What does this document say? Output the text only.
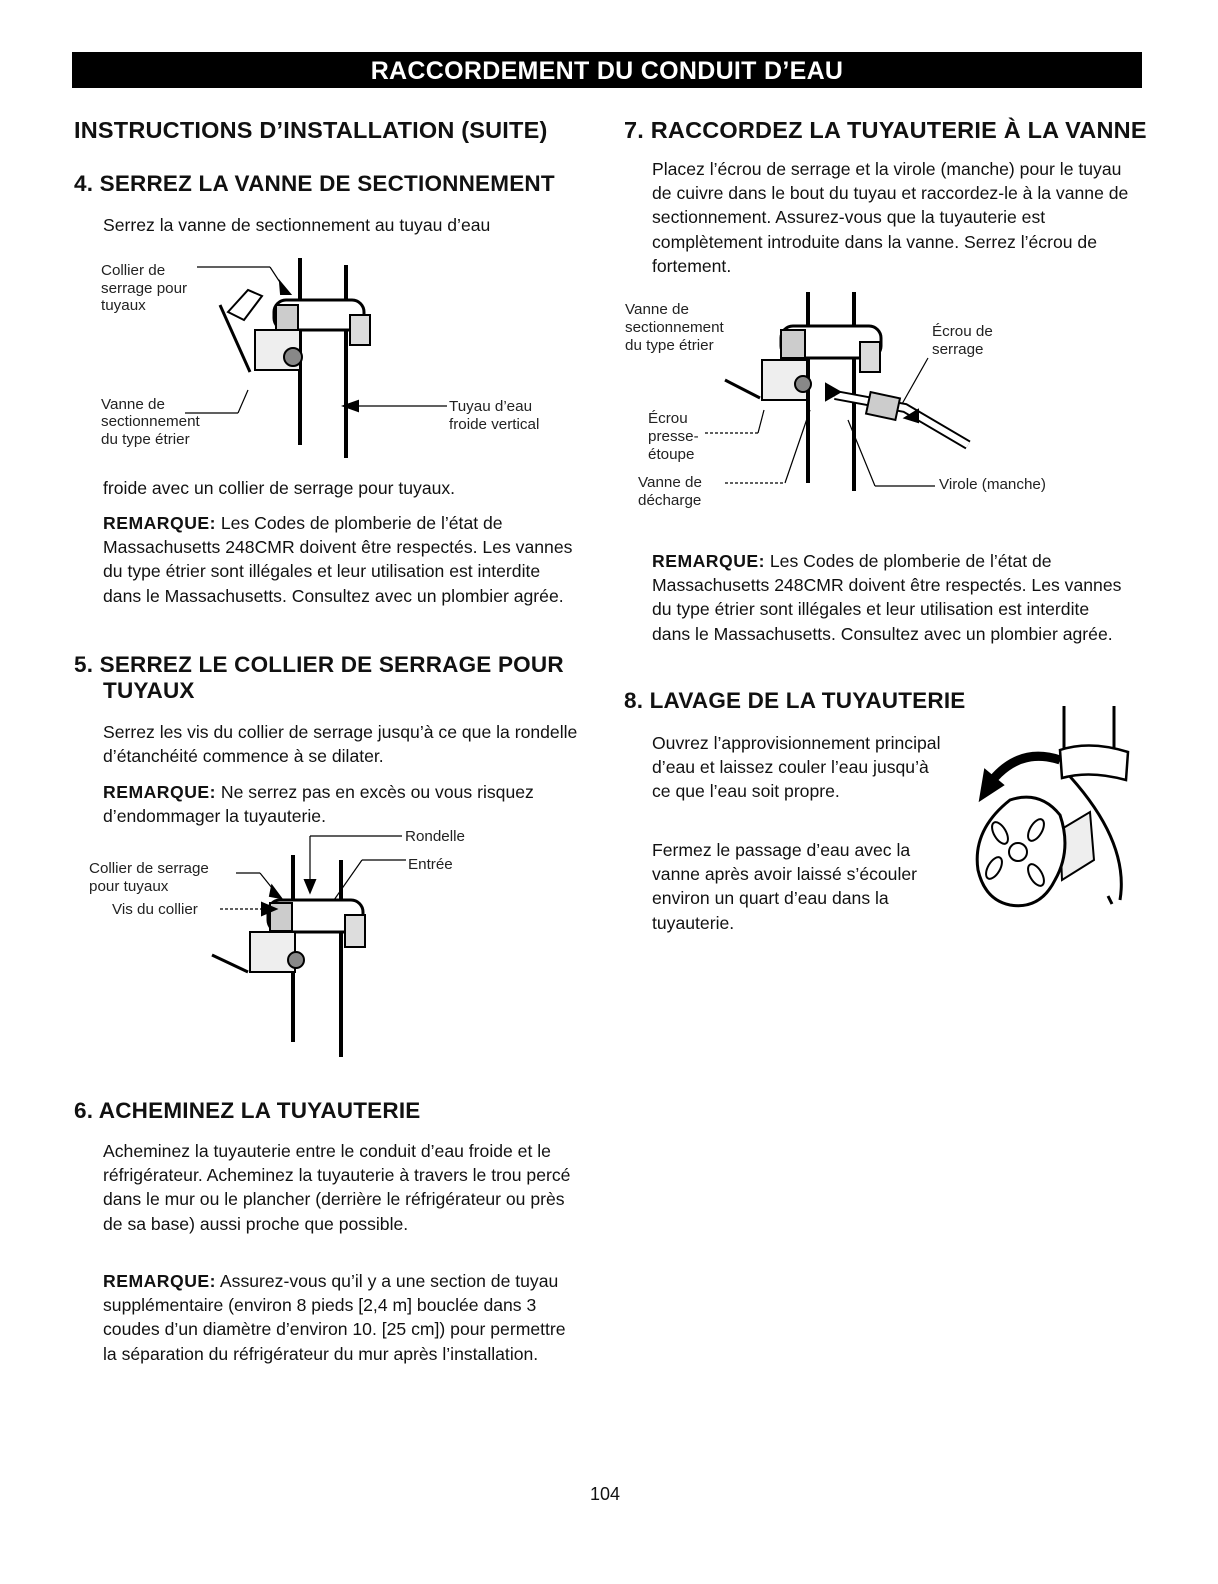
RACCORDEMENT DU CONDUIT D’EAU
INSTRUCTIONS D’INSTALLATION (SUITE)
4. SERREZ LA VANNE DE SECTIONNEMENT

Serrez la vanne de sectionnement au tuyau d’eau

Collier de
serrage pour
tuyaux
Vanne de
sectionnement
du type étrier
Tuyau d’eau
froide vertical

froide avec un collier de serrage pour tuyaux.

REMARQUE: Les Codes de plomberie de l’état de Massachusetts 248CMR doivent être respectés. Les vannes du type étrier sont illégales et leur utilisation est interdite dans le Massachusetts. Consultez avec un plombier agrée.

5. SERREZ LE COLLIER DE SERRAGE POUR
TUYAUX

Serrez les vis du collier de serrage jusqu’à ce que la rondelle d’étanchéité commence à se dilater.

REMARQUE: Ne serrez pas en excès ou vous risquez d’endommager la tuyauterie.

Rondelle
Entrée
Collier de serrage
pour tuyaux
Vis du collier
6. ACHEMINEZ LA TUYAUTERIE

Acheminez la tuyauterie entre le conduit d’eau froide et le réfrigérateur. Acheminez la tuyauterie à travers le trou percé dans le mur ou le plancher (derrière le réfrigérateur ou près de sa base) aussi proche que possible.

REMARQUE: Assurez-vous qu’il y a une section de tuyau supplémentaire (environ 8 pieds [2,4 m] bouclée dans 3 coudes d’un diamètre d’environ 10. [25 cm]) pour permettre la séparation du réfrigérateur du mur après l’installation.

7. RACCORDEZ LA TUYAUTERIE À LA VANNE

Placez l’écrou de serrage et la virole (manche) pour le tuyau de cuivre dans le bout du tuyau et raccordez-le à la vanne de sectionnement. Assurez-vous que la tuyauterie est complètement introduite dans la vanne. Serrez l’écrou de fortement.

Vanne de
sectionnement
du type étrier
Écrou de
serrage
Écrou
presse-
étoupe
Vanne de
décharge
Virole (manche)

REMARQUE: Les Codes de plomberie de l’état de Massachusetts 248CMR doivent être respectés. Les vannes du type étrier sont illégales et leur utilisation est interdite dans le Massachusetts. Consultez avec un plombier agrée.

8. LAVAGE DE LA TUYAUTERIE

Ouvrez l’approvisionnement principal d’eau et laissez couler l’eau jusqu’à ce que l’eau soit propre.

Fermez le passage d’eau avec la vanne après avoir laissé s’écouler environ un quart d’eau dans la tuyauterie.

104
